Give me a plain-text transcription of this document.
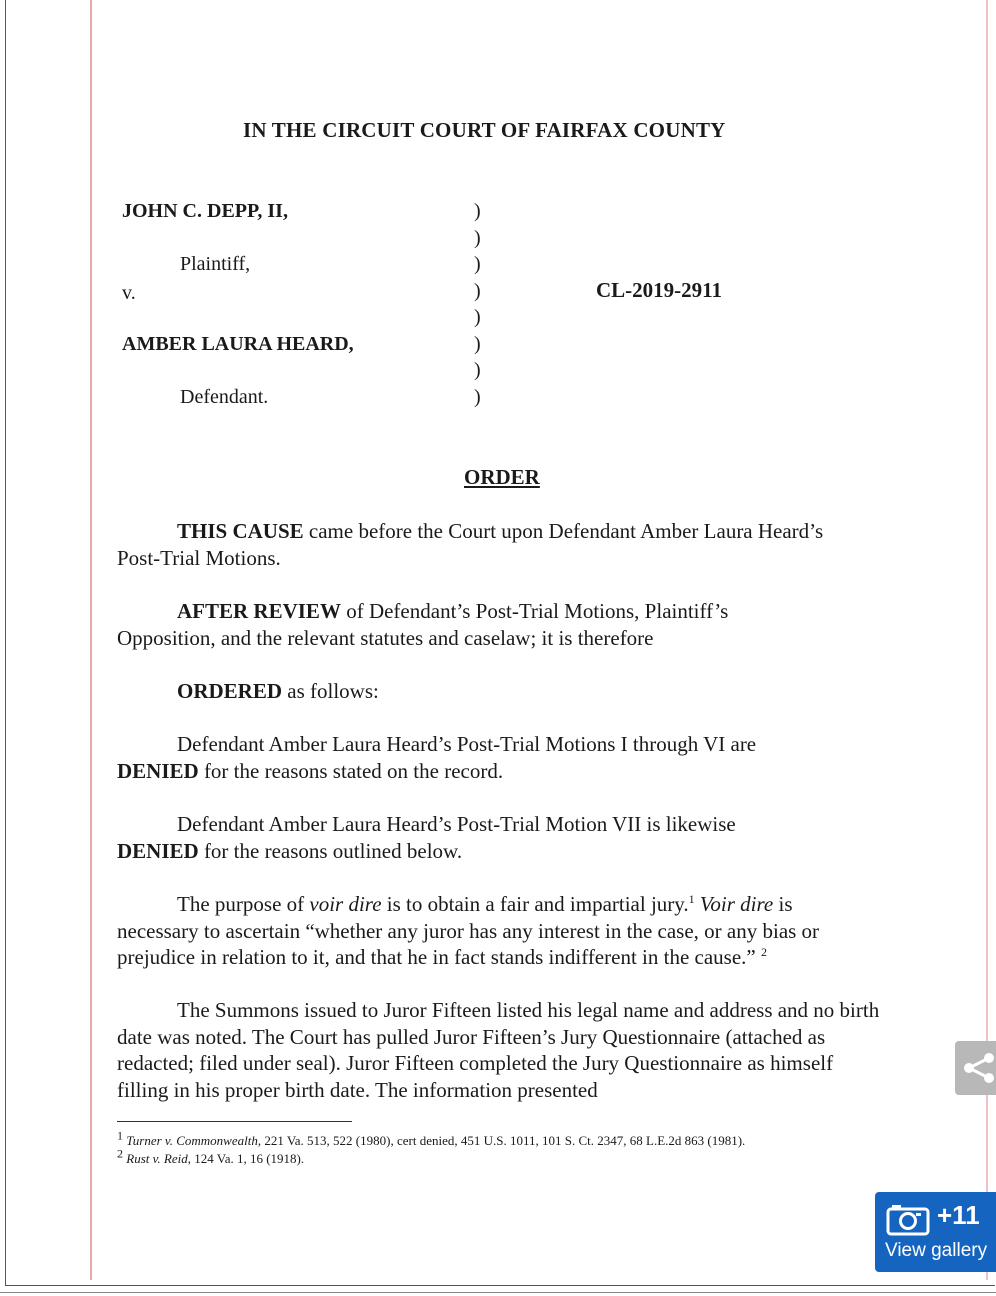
IN THE CIRCUIT COURT OF FAIRFAX COUNTY
JOHN C. DEPP, II,
Plaintiff,
v.
AMBER LAURA HEARD,
Defendant.
)
)
)
)
)
)
)
)
CL-2019-2911
ORDER
THIS CAUSE came before the Court upon Defendant Amber Laura Heard’s Post-Trial Motions.
AFTER REVIEW of Defendant’s Post-Trial Motions, Plaintiff’s Opposition, and the relevant statutes and caselaw; it is therefore
ORDERED as follows:
Defendant Amber Laura Heard’s Post-Trial Motions I through VI are DENIED for the reasons stated on the record.
Defendant Amber Laura Heard’s Post-Trial Motion VII is likewise DENIED for the reasons outlined below.
The purpose of voir dire is to obtain a fair and impartial jury.$^1$ Voir dire is necessary to ascertain “whether any juror has any interest in the case, or any bias or prejudice in relation to it, and that he in fact stands indifferent in the cause.” $^2$
The Summons issued to Juror Fifteen listed his legal name and address and no birth date was noted. The Court has pulled Juror Fifteen’s Jury Questionnaire (attached as redacted; filed under seal). Juror Fifteen completed the Jury Questionnaire as himself filling in his proper birth date. The information presented
$^1$ Turner v. Commonwealth, 221 Va. 513, 522 (1980), cert denied, 451 U.S. 1011, 101 S. Ct. 2347, 68 L.E.2d 863 (1981).
$^2$ Rust v. Reid, 124 Va. 1, 16 (1918).
+11
View gallery
